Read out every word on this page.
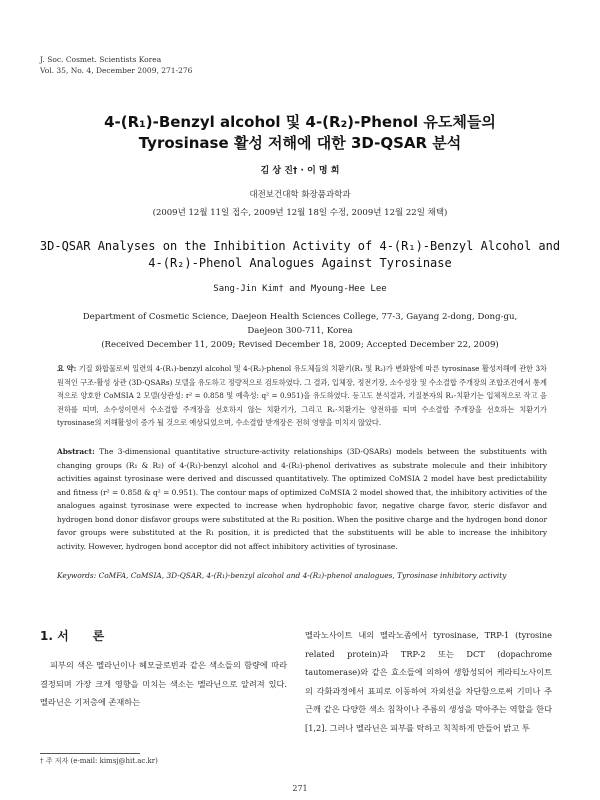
J. Soc. Cosmet. Scientists Korea
Vol. 35, No. 4, December 2009, 271-276
4-(R₁)-Benzyl alcohol 및 4-(R₂)-Phenol 유도체들의
Tyrosinase 활성 저해에 대한 3D-QSAR 분석
김 상 진† · 이 명 희
대전보건대학 화장품과학과
(2009년 12월 11일 접수, 2009년 12월 18일 수정, 2009년 12월 22일 채택)
3D-QSAR Analyses on the Inhibition Activity of 4-(R₁)-Benzyl Alcohol and
4-(R₂)-Phenol Analogues Against Tyrosinase
Sang-Jin Kim† and Myoung-Hee Lee
Department of Cosmetic Science, Daejeon Health Sciences College, 77-3, Gayang 2-dong, Dong-gu,
Daejeon 300-711, Korea
(Received December 11, 2009; Revised December 18, 2009; Accepted December 22, 2009)
요 약: 기질 화합물로써 일련의 4-(R₁)-benzyl alcohol 및 4-(R₂)-phenol 유도체들의 치환기(R₁ 및 R₂)가 변화함에 따른 tyrosinase 활성저해에 관한 3차원적인 구조-활성 상관 (3D-QSARs) 모델을 유도하고 정량적으로 검토하였다. 그 결과, 입체장, 정전기장, 소수성장 및 수소결합 주개장의 조합조건에서 통계적으로 양호한 CoMSIA 2 모델(상관성: r² = 0.858 및 예측성: q² = 0.951)을 유도하였다. 등고도 분석결과, 기질분자의 R₁-치환기는 입체적으로 작고 음전하를 띠며, 소수성이면서 수소결합 주개장을 선호하지 않는 치환기가, 그리고 R₁-치환기는 양전하를 띠며 수소결합 주개장을 선호하는 치환기가 tyrosinase의 저해활성이 증가 될 것으로 예상되었으며, 수소결합 받개장은 전혀 영향을 미치지 않았다.
Abstract: The 3-dimensional quantitative structure-activity relationships (3D-QSARs) models between the substituents with changing groups (R₁ & R₂) of 4-(R₁)-benzyl alcohol and 4-(R₂)-phenol derivatives as substrate molecule and their inhibitory activities against tyrosinase were derived and discussed quantitatively. The optimized CoMSIA 2 model have best predictability and fitness (r² = 0.858 & q² = 0.951). The contour maps of optimized CoMSIA 2 model showed that, the inhibitory activities of the analogues against tyrosinase were expected to increase when hydrophobic favor, negative charge favor, steric disfavor and hydrogen bond donor disfavor groups were substituted at the R₂ position. When the positive charge and the hydrogen bond donor favor groups were substituted at the R₁ position, it is predicted that the substituents will be able to increase the inhibitory activity. However, hydrogen bond acceptor did not affect inhibitory activities of tyrosinase.
Keywords: CoMFA, CoMSIA, 3D-QSAR, 4-(R₁)-benzyl alcohol and 4-(R₂)-phenol analogues, Tyrosinase inhibitory activity
1. 서　　론
피부의 색은 멜라닌이나 헤모글로빈과 같은 색소들의 함량에 따라 결정되며 가장 크게 영향을 미치는 색소는 멜라닌으로 알려져 있다. 멜라닌은 기저층에 존재하는
멜라노사이트 내의 멜라노좀에서 tyrosinase, TRP-1 (tyrosine related protein)과 TRP-2 또는 DCT (dopachrome tautomerase)와 같은 효소들에 의하여 생합성되어 케라티노사이트의 각화과정에서 표피로 이동하여 자외선을 차단함으로써 기미나 주근깨 같은 다양한 색소 침착이나 주름의 생성을 막아주는 역할을 한다[1,2]. 그러나 멜라닌은 피부를 탁하고 칙칙하게 만들어 밝고 투
† 주 저자 (e-mail: kimsj@hit.ac.kr)
271
